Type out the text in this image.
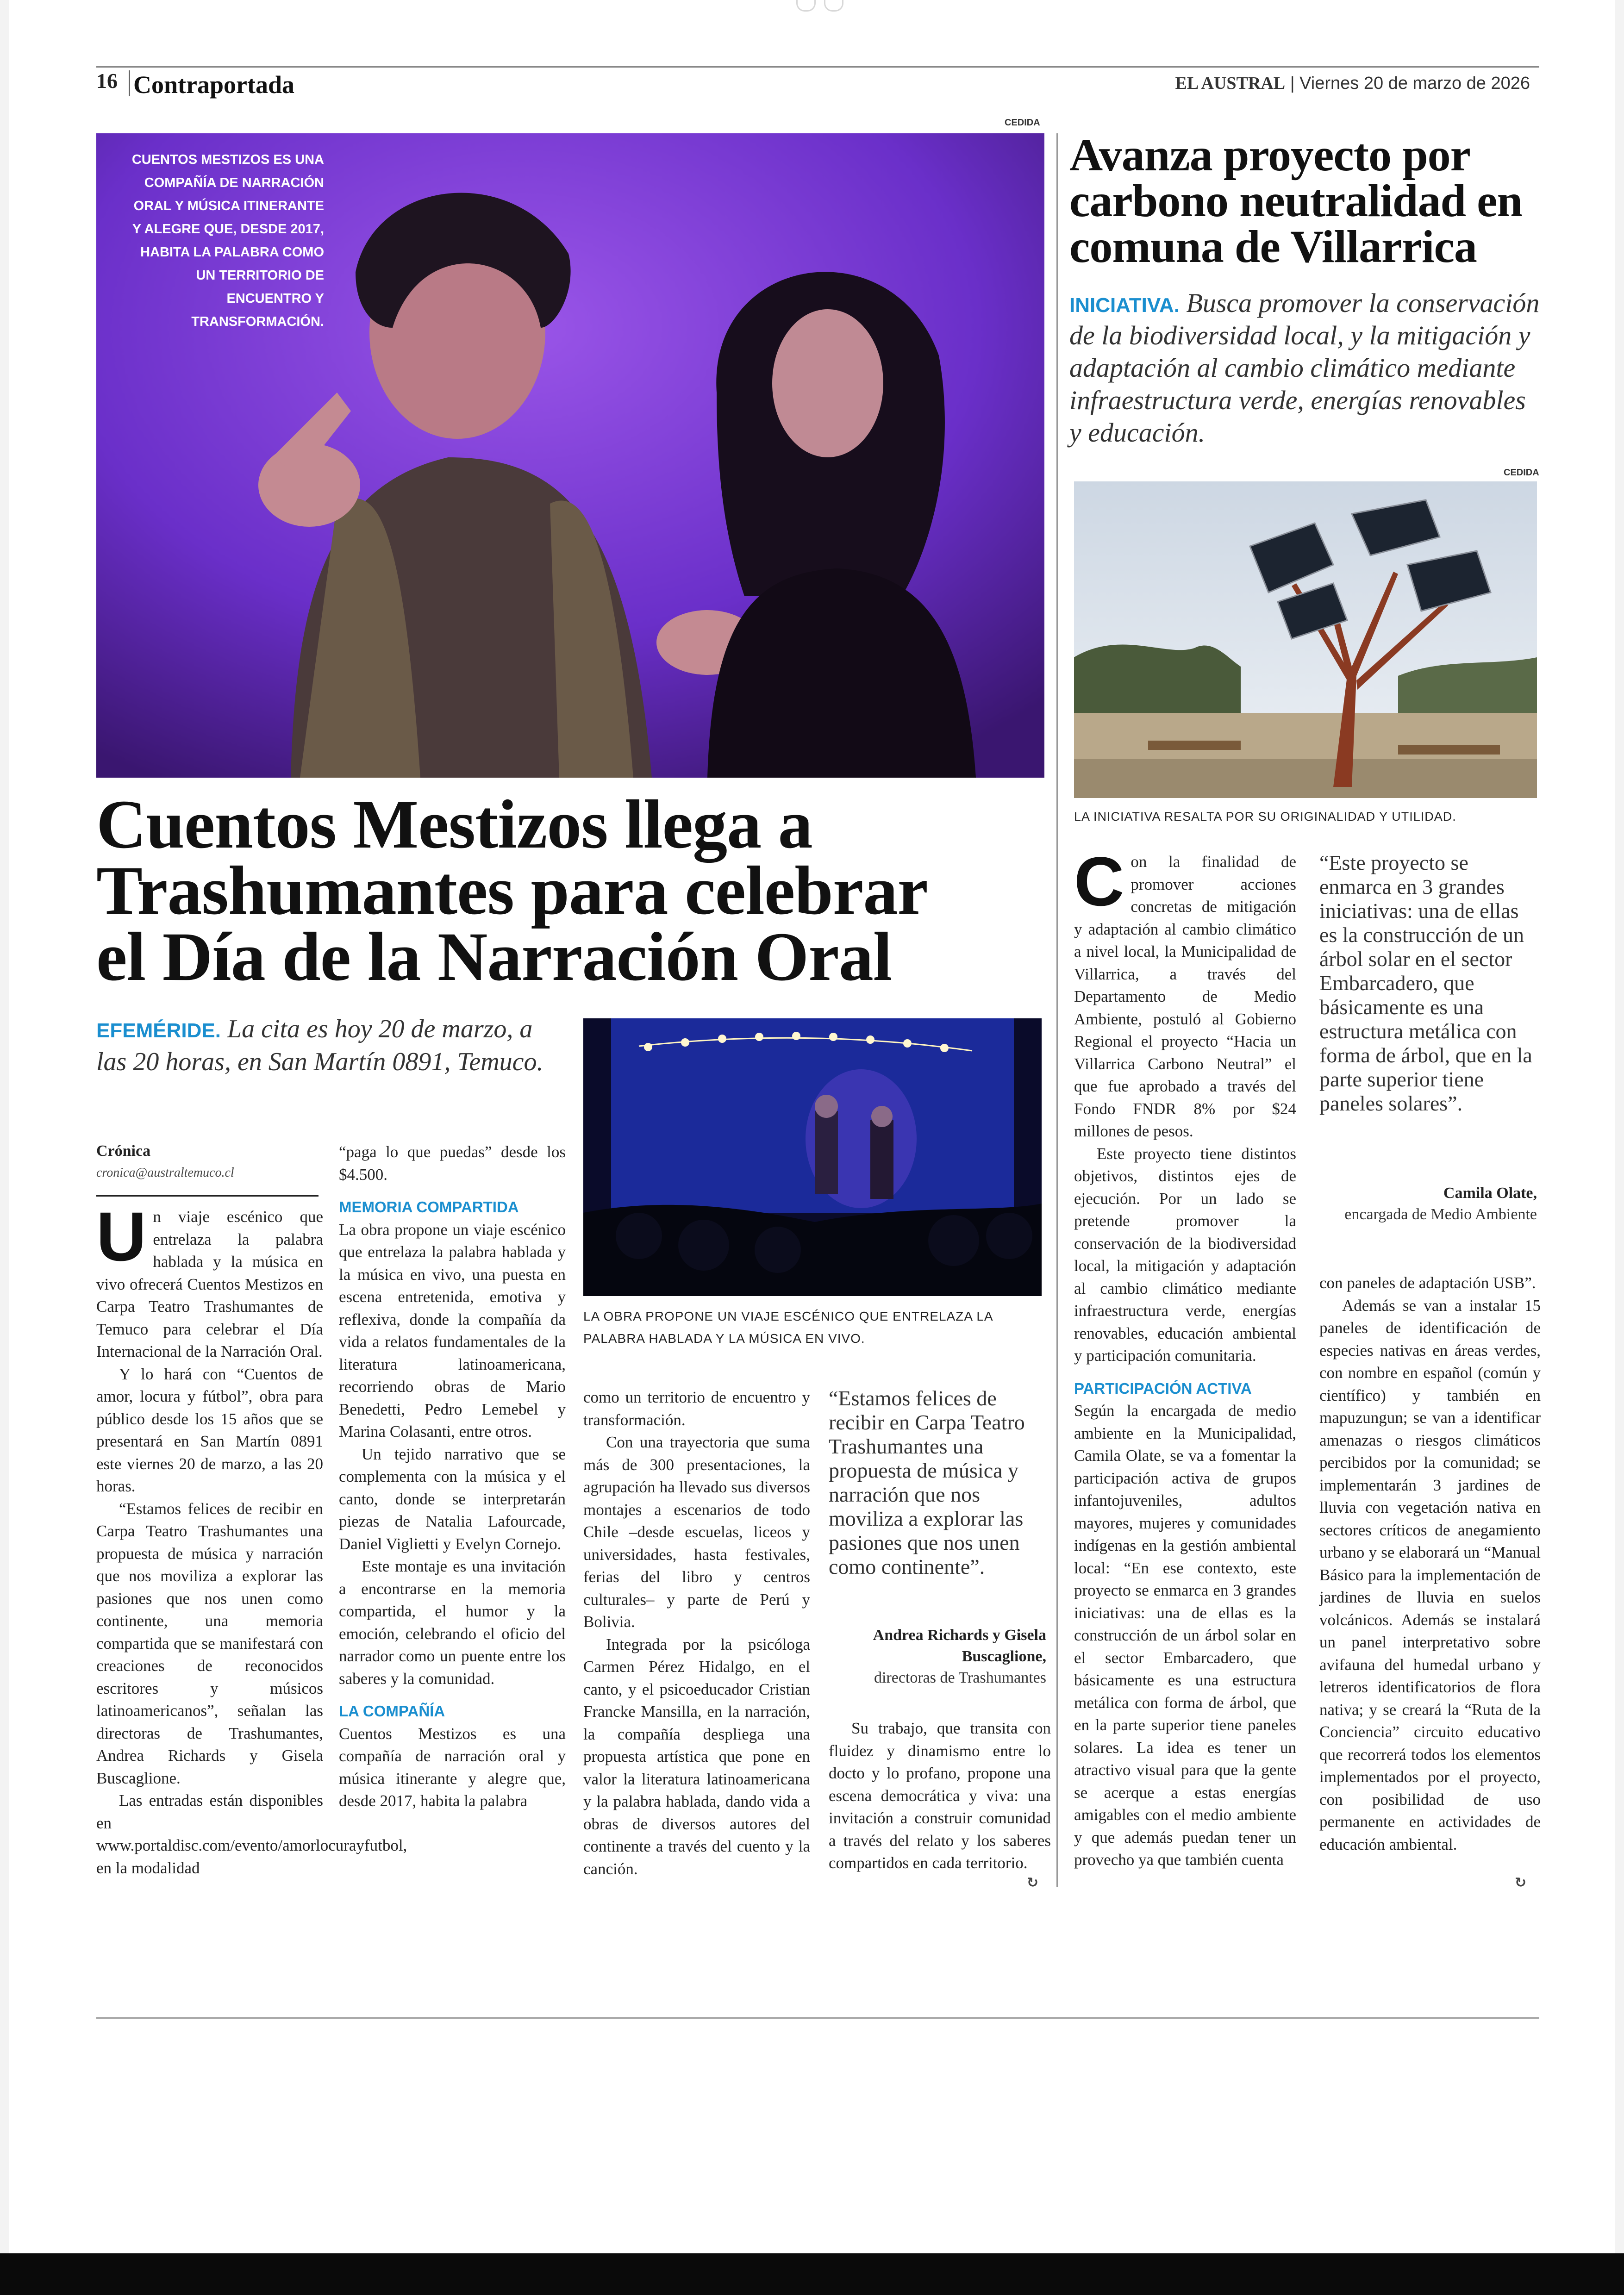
16 Contraportada	EL AUSTRAL | Viernes 20 de marzo de 2026
CEDIDA
CUENTOS MESTIZOS ES UNA COMPAÑÍA DE NARRACIÓN ORAL Y MÚSICA ITINERANTE Y ALEGRE QUE, DESDE 2017, HABITA LA PALABRA COMO UN TERRITORIO DE ENCUENTRO Y TRANSFORMACIÓN.
Cuentos Mestizos llega a
Trashumantes para celebrar
el Día de la Narración Oral
EFEMÉRIDE. La cita es hoy 20 de marzo, a las 20 horas, en San Martín 0891, Temuco.
LA OBRA PROPONE UN VIAJE ESCÉNICO QUE ENTRELAZA LA PALABRA HABLADA Y LA MÚSICA EN VIVO.
Crónica
cronica@australtemuco.cl
U n viaje escénico que entrelaza la palabra hablada y la música en vivo ofrecerá Cuentos Mestizos en Carpa Teatro Trashumantes de Temuco para celebrar el Día Internacional de la Narración Oral.

Y lo hará con “Cuentos de amor, locura y fútbol”, obra para público desde los 15 años que se presentará en San Martín 0891 este viernes 20 de marzo, a las 20 horas.

“Estamos felices de recibir en Carpa Teatro Trashumantes una propuesta de música y narración que nos moviliza a explorar las pasiones que nos unen como continente, una memoria compartida que se manifestará con creaciones de reconocidos escritores y músicos latinoamericanos”, señalan las directoras de Trashumantes, Andrea Richards y Gisela Buscaglione.

Las entradas están disponibles en www.portaldisc.com/evento/amorlocurayfutbol, en la modalidad

“paga lo que puedas” desde los $4.500.

MEMORIA COMPARTIDA

La obra propone un viaje escénico que entrelaza la palabra hablada y la música en vivo, una puesta en escena entretenida, emotiva y reflexiva, donde la compañía da vida a relatos fundamentales de la literatura latinoamericana, recorriendo obras de Mario Benedetti, Pedro Lemebel y Marina Colasanti, entre otros.

Un tejido narrativo que se complementa con la música y el canto, donde se interpretarán piezas de Natalia Lafourcade, Daniel Viglietti y Evelyn Cornejo.

Este montaje es una invitación a encontrarse en la memoria compartida, el humor y la emoción, celebrando el oficio del narrador como un puente entre los saberes y la comunidad.

LA COMPAÑÍA

Cuentos Mestizos es una compañía de narración oral y música itinerante y alegre que, desde 2017, habita la palabra

como un territorio de encuentro y transformación.

Con una trayectoria que suma más de 300 presentaciones, la agrupación ha llevado sus diversos montajes a escenarios de todo Chile –desde escuelas, liceos y universidades, hasta festivales, ferias del libro y centros culturales– y parte de Perú y Bolivia.

Integrada por la psicóloga Carmen Pérez Hidalgo, en el canto, y el psicoeducador Cristian Francke Mansilla, en la narración, la compañía despliega una propuesta artística que pone en valor la literatura latinoamericana y la palabra hablada, dando vida a obras de diversos autores del continente a través del cuento y la canción.

“Estamos felices de recibir en Carpa Teatro Trashumantes una propuesta de música y narración que nos moviliza a explorar las pasiones que nos unen como continente”.
Andrea Richards y Gisela Buscaglione,
directoras de Trashumantes

Su trabajo, que transita con fluidez y dinamismo entre lo docto y lo profano, propone una escena democrática y viva: una invitación a construir comunidad a través del relato y los saberes compartidos en cada territorio.

↻
Avanza proyecto por
carbono neutralidad en
comuna de Villarrica
INICIATIVA. Busca promover la conservación de la biodiversidad local, y la mitigación y adaptación al cambio climático mediante infraestructura verde, energías renovables y educación.
CEDIDA
LA INICIATIVA RESALTA POR SU ORIGINALIDAD Y UTILIDAD.
C on la finalidad de promover acciones concretas de mitigación y adaptación al cambio climático a nivel local, la Municipalidad de Villarrica, a través del Departamento de Medio Ambiente, postuló al Gobierno Regional el proyecto “Hacia un Villarrica Carbono Neutral” el que fue aprobado a través del Fondo FNDR 8% por $24 millones de pesos.

Este proyecto tiene distintos objetivos, distintos ejes de ejecución. Por un lado se pretende promover la conservación de la biodiversidad local, la mitigación y adaptación al cambio climático mediante infraestructura verde, energías renovables, educación ambiental y participación comunitaria.

PARTICIPACIÓN ACTIVA

Según la encargada de medio ambiente en la Municipalidad, Camila Olate, se va a fomentar la participación activa de grupos infantojuveniles, adultos mayores, mujeres y comunidades indígenas en la gestión ambiental local: “En ese contexto, este proyecto se enmarca en 3 grandes iniciativas: una de ellas es la construcción de un árbol solar en el sector Embarcadero, que básicamente es una estructura metálica con forma de árbol, que en la parte superior tiene paneles solares. La idea es tener un atractivo visual para que la gente se acerque a estas energías amigables con el medio ambiente y que además puedan tener un provecho ya que también cuenta

“Este proyecto se enmarca en 3 grandes iniciativas: una de ellas es la construcción de un árbol solar en el sector Embarcadero, que básicamente es una estructura metálica con forma de árbol, que en la parte superior tiene paneles solares”.
Camila Olate,
encargada de Medio Ambiente

con paneles de adaptación USB”.

Además se van a instalar 15 paneles de identificación de especies nativas en áreas verdes, con nombre en español (común y científico) y también en mapuzungun; se van a identificar amenazas o riesgos climáticos percibidos por la comunidad; se implementarán 3 jardines de lluvia con vegetación nativa en sectores críticos de anegamiento urbano y se elaborará un “Manual Básico para la implementación de jardines de lluvia en suelos volcánicos. Además se instalará un panel interpretativo sobre avifauna del humedal urbano y letreros identificatorios de flora nativa; y se creará la “Ruta de la Conciencia” circuito educativo que recorrerá todos los elementos implementados por el proyecto, con posibilidad de uso permanente en actividades de educación ambiental.

↻
